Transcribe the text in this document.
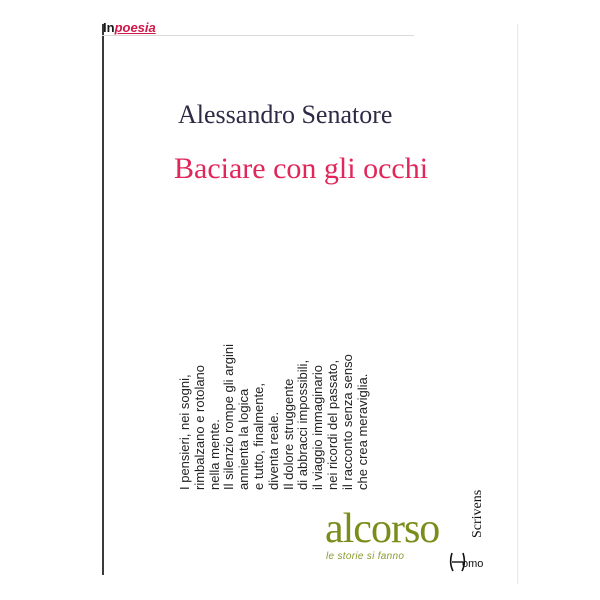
Inpoesia
Alessandro Senatore
Baciare con gli occhi
I pensieri, nei sogni, rimbalzano e rotolano nella mente. Il silenzio rompe gli argini annienta la logica e tutto, finalmente, diventa reale. Il dolore struggente di abbracci impossibili, il viaggio immaginario nei ricordi del passato, il racconto senza senso che crea meraviglia.
Scrivens
alcorso
le storie si fanno
omo
